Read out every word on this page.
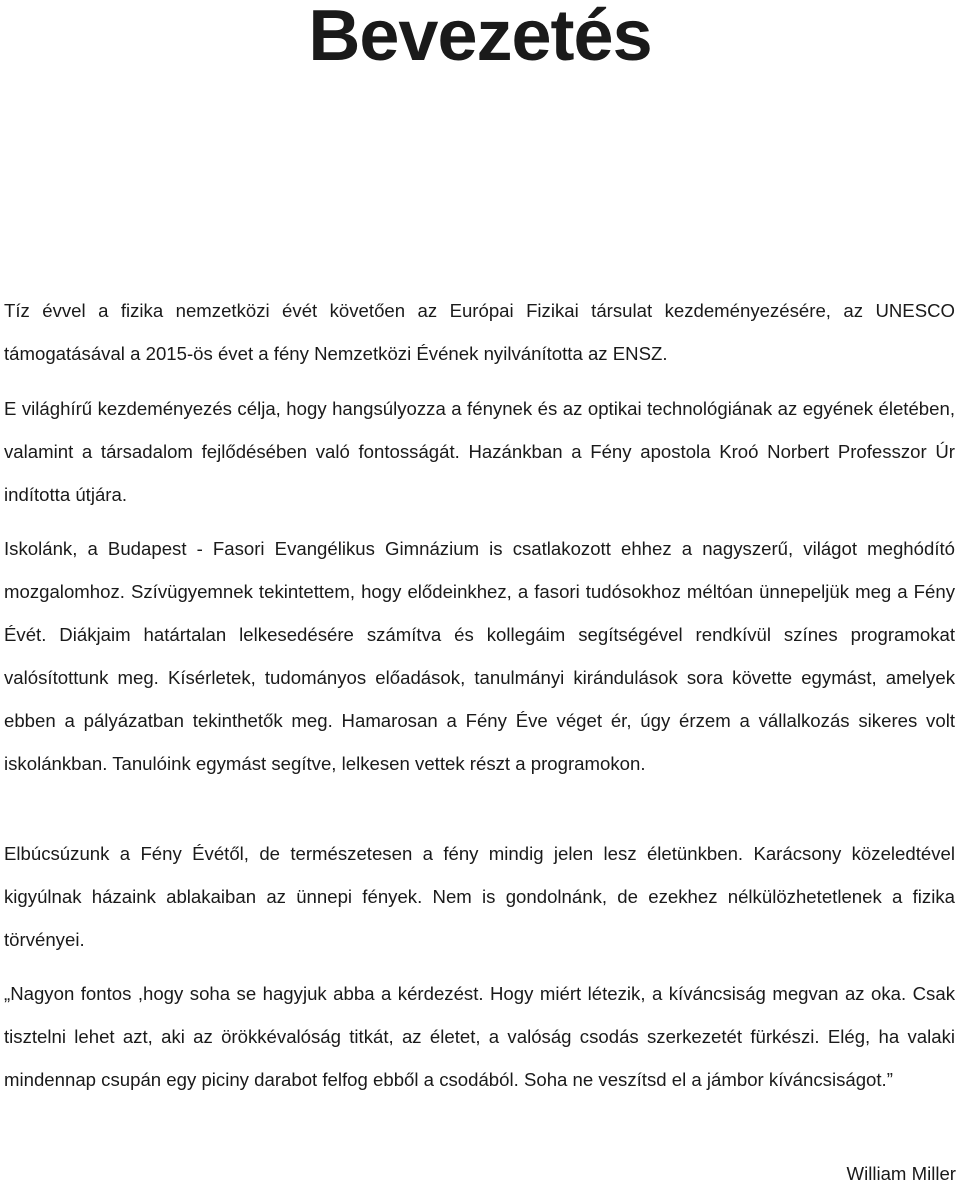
Bevezetés

Tíz évvel a fizika nemzetközi évét követően az Európai Fizikai társulat kezdeményezésére, az UNESCO támogatásával a 2015-ös évet a fény Nemzetközi Évének nyilvánította az ENSZ.

E világhírű kezdeményezés célja, hogy hangsúlyozza a fénynek és az optikai technológiának az egyének életében, valamint a társadalom fejlődésében való fontosságát. Hazánkban a Fény apostola Kroó Norbert Professzor Úr indította útjára.

Iskolánk, a Budapest - Fasori Evangélikus Gimnázium is csatlakozott ehhez a nagyszerű, világot meghódító mozgalomhoz. Szívügyemnek tekintettem, hogy elődeinkhez, a fasori tudósokhoz méltóan ünnepeljük meg a Fény Évét. Diákjaim határtalan lelkesedésére számítva és kollegáim segítségével rendkívül színes programokat valósítottunk meg. Kísérletek, tudományos előadások, tanulmányi kirándulások sora követte egymást, amelyek ebben a pályázatban tekinthetők meg. Hamarosan a Fény Éve véget ér, úgy érzem a vállalkozás sikeres volt iskolánkban. Tanulóink egymást segítve, lelkesen vettek részt a programokon.

Elbúcsúzunk a Fény Évétől, de természetesen a fény mindig jelen lesz életünkben. Karácsony közeledtével kigyúlnak házaink ablakaiban az ünnepi fények. Nem is gondolnánk, de ezekhez nélkülözhetetlenek a fizika törvényei.

„Nagyon fontos ,hogy soha se hagyjuk abba a kérdezést. Hogy miért létezik, a kíváncsiság megvan az oka. Csak tisztelni lehet azt, aki az örökkévalóság titkát, az életet, a valóság csodás szerkezetét fürkészi. Elég, ha valaki mindennap csupán egy piciny darabot felfog ebből a csodából. Soha ne veszítsd el a jámbor kíváncsiságot.”

William Miller
